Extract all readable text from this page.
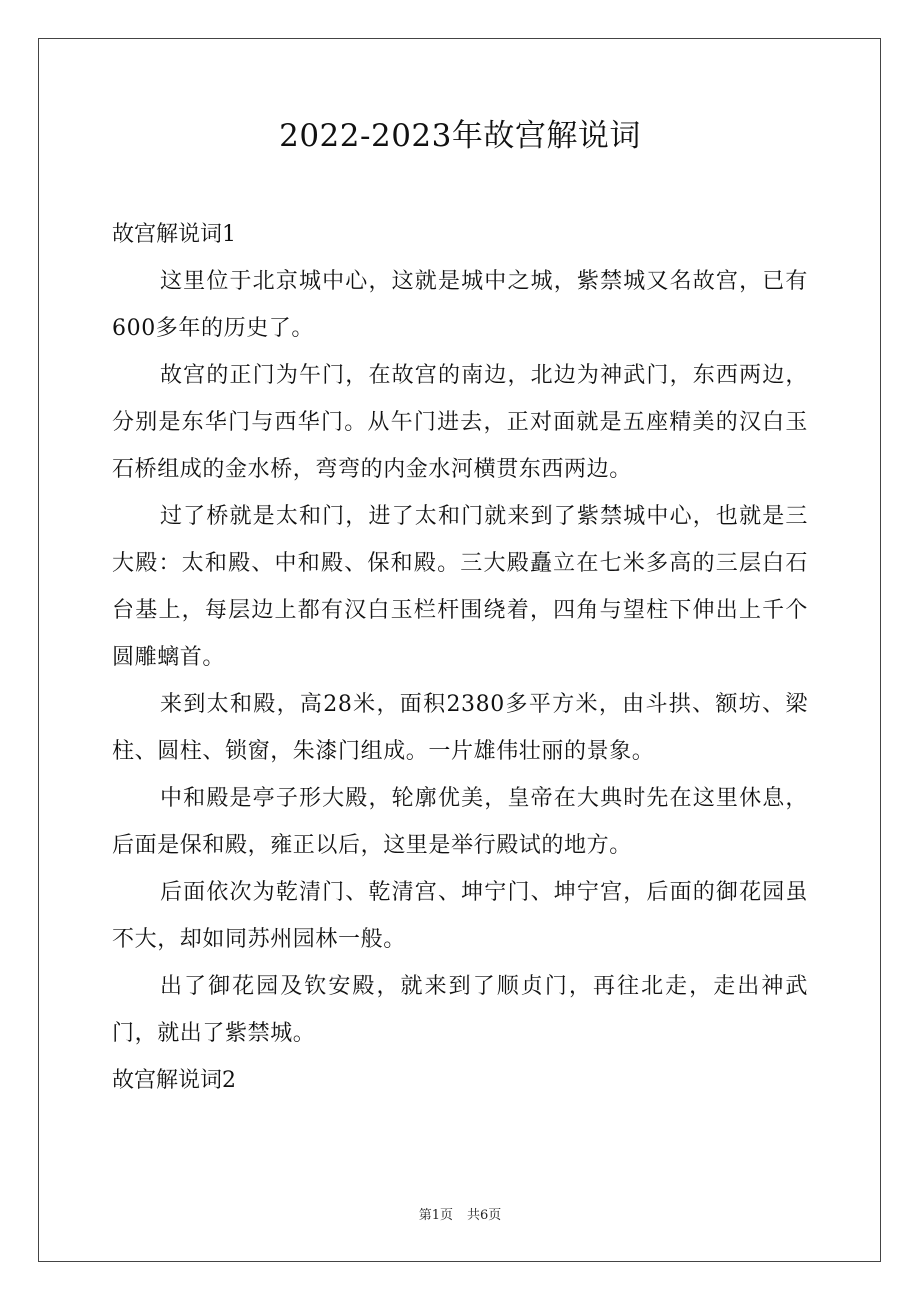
2022-2023年故宫解说词

故宫解说词1

这里位于北京城中心，这就是城中之城，紫禁城又名故宫，已有600多年的历史了。

故宫的正门为午门，在故宫的南边，北边为神武门，东西两边，分别是东华门与西华门。从午门进去，正对面就是五座精美的汉白玉石桥组成的金水桥，弯弯的内金水河横贯东西两边。

过了桥就是太和门，进了太和门就来到了紫禁城中心，也就是三大殿：太和殿、中和殿、保和殿。三大殿矗立在七米多高的三层白石台基上，每层边上都有汉白玉栏杆围绕着，四角与望柱下伸出上千个圆雕螭首。

来到太和殿，高28米，面积2380多平方米，由斗拱、额坊、梁柱、圆柱、锁窗，朱漆门组成。一片雄伟壮丽的景象。

中和殿是亭子形大殿，轮廓优美，皇帝在大典时先在这里休息，后面是保和殿，雍正以后，这里是举行殿试的地方。

后面依次为乾清门、乾清宫、坤宁门、坤宁宫，后面的御花园虽不大，却如同苏州园林一般。

出了御花园及钦安殿，就来到了顺贞门，再往北走，走出神武门，就出了紫禁城。

故宫解说词2

第1页 共6页
